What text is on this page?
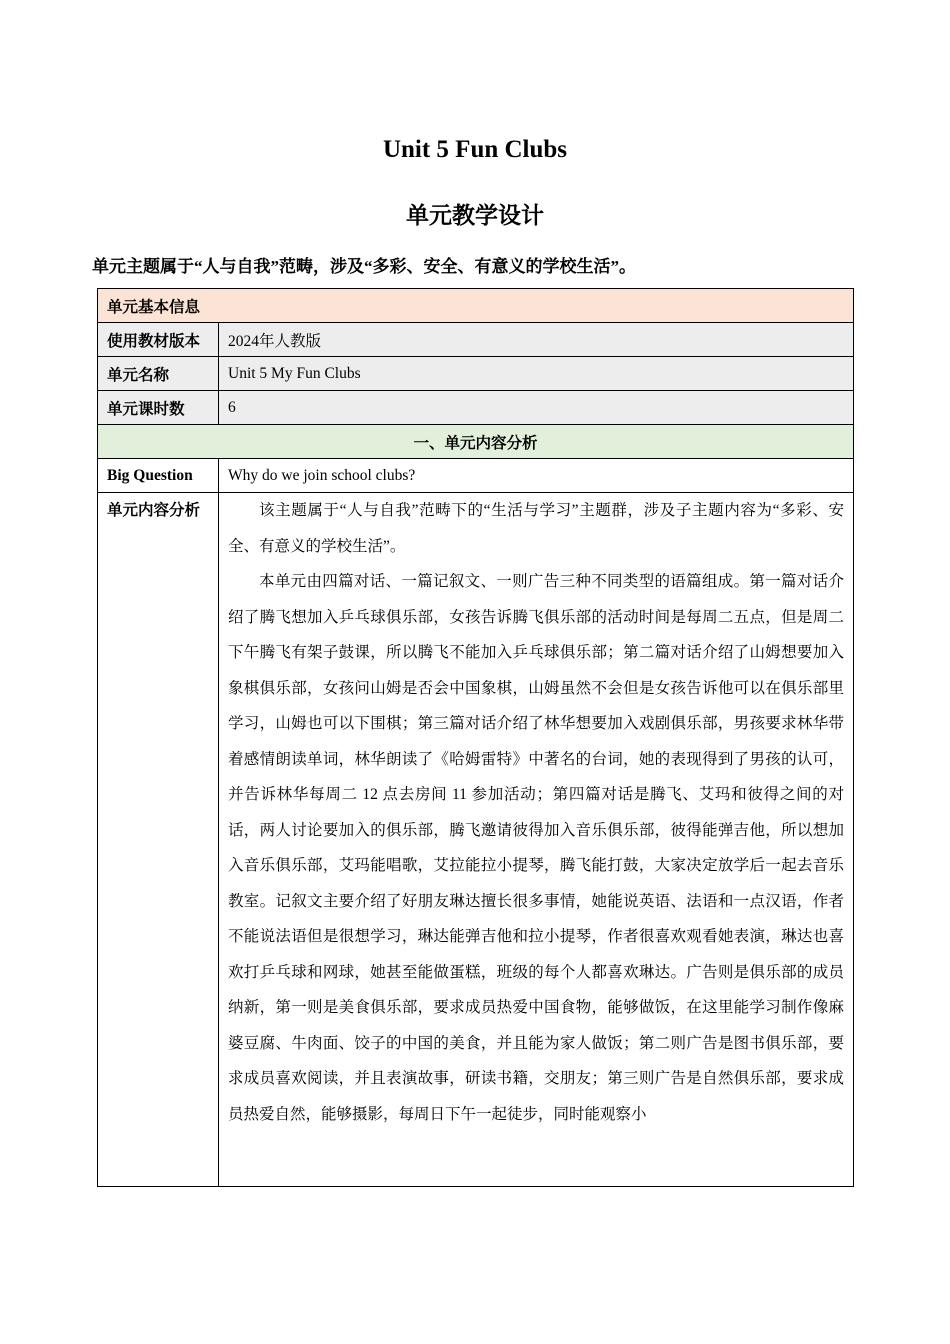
Unit 5 Fun Clubs
单元教学设计
单元主题属于“人与自我”范畴，涉及“多彩、安全、有意义的学校生活”。
单元基本信息	
使用教材版本	2024年人教版
单元名称	Unit 5 My Fun Clubs
单元课时数	6
一、单元内容分析	
Big Question	Why do we join school clubs?
单元内容分析	该主题属于“人与自我”范畴下的“生活与学习”主题群，涉及子主题内容为“多彩、安全、有意义的学校生活”。

本单元由四篇对话、一篇记叙文、一则广告三种不同类型的语篇组成。第一篇对话介绍了腾飞想加入乒乓球俱乐部，女孩告诉腾飞俱乐部的活动时间是每周二五点，但是周二下午腾飞有架子鼓课，所以腾飞不能加入乒乓球俱乐部；第二篇对话介绍了山姆想要加入象棋俱乐部，女孩问山姆是否会中国象棋，山姆虽然不会但是女孩告诉他可以在俱乐部里学习，山姆也可以下围棋；第三篇对话介绍了林华想要加入戏剧俱乐部，男孩要求林华带着感情朗读单词，林华朗读了《哈姆雷特》中著名的台词，她的表现得到了男孩的认可，并告诉林华每周二 12 点去房间 11 参加活动；第四篇对话是腾飞、艾玛和彼得之间的对话，两人讨论要加入的俱乐部，腾飞邀请彼得加入音乐俱乐部，彼得能弹吉他，所以想加入音乐俱乐部，艾玛能唱歌，艾拉能拉小提琴，腾飞能打鼓，大家决定放学后一起去音乐教室。记叙文主要介绍了好朋友琳达擅长很多事情，她能说英语、法语和一点汉语，作者不能说法语但是很想学习，琳达能弹吉他和拉小提琴，作者很喜欢观看她表演，琳达也喜欢打乒乓球和网球，她甚至能做蛋糕，班级的每个人都喜欢琳达。广告则是俱乐部的成员纳新，第一则是美食俱乐部，要求成员热爱中国食物，能够做饭，在这里能学习制作像麻婆豆腐、牛肉面、饺子的中国的美食，并且能为家人做饭；第二则广告是图书俱乐部，要求成员喜欢阅读，并且表演故事，研读书籍，交朋友；第三则广告是自然俱乐部，要求成员热爱自然，能够摄影，每周日下午一起徒步，同时能观察小
